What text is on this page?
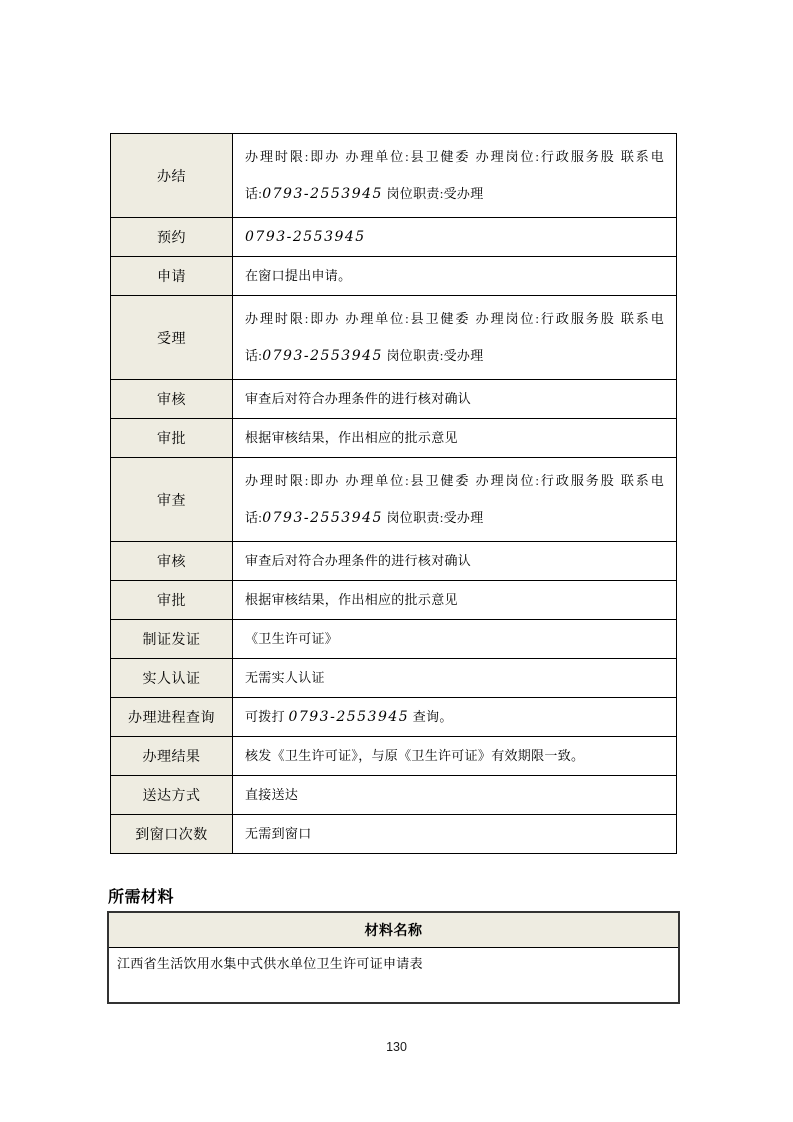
办结	办理时限:即办 办理单位:县卫健委 办理岗位:行政服务股 联系电话:0793-2553945 岗位职责:受办理
预约	0793-2553945
申请	在窗口提出申请。
受理	办理时限:即办 办理单位:县卫健委 办理岗位:行政服务股 联系电话:0793-2553945 岗位职责:受办理
审核	审查后对符合办理条件的进行核对确认
审批	根据审核结果，作出相应的批示意见
审查	办理时限:即办 办理单位:县卫健委 办理岗位:行政服务股 联系电话:0793-2553945 岗位职责:受办理
审核	审查后对符合办理条件的进行核对确认
审批	根据审核结果，作出相应的批示意见
制证发证	《卫生许可证》
实人认证	无需实人认证
办理进程查询	可拨打 0793-2553945 查询。
办理结果	核发《卫生许可证》，与原《卫生许可证》有效期限一致。
送达方式	直接送达
到窗口次数	无需到窗口
所需材料
材料名称
江西省生活饮用水集中式供水单位卫生许可证申请表
130
